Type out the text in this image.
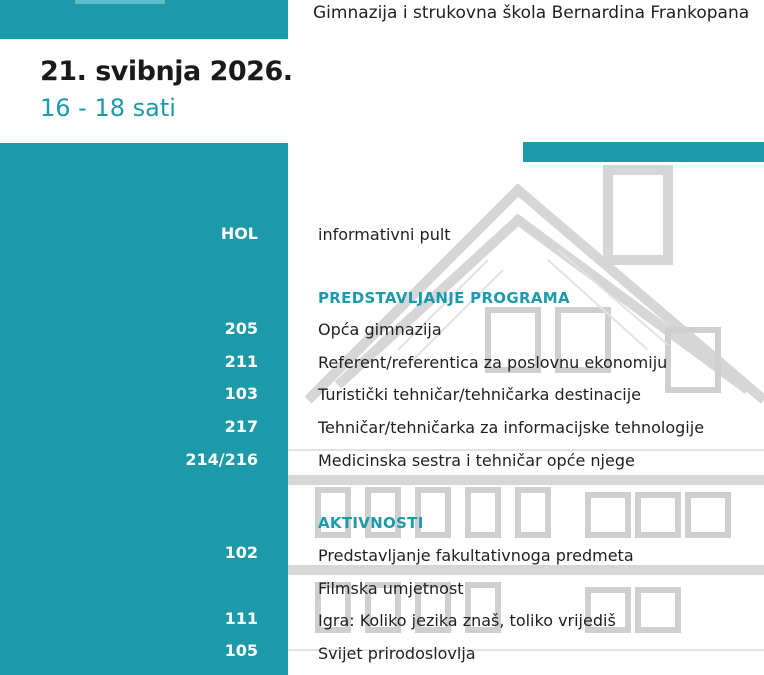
Gimnazija i strukovna škola Bernardina Frankopana
21. svibnja 2026.
16 - 18 sati
HOL	informativni pult
PREDSTAVLJANJE PROGRAMA
205	Opća gimnazija
211	Referent/referentica za poslovnu ekonomiju
103	Turistički tehničar/tehničarka destinacije
217	Tehničar/tehničarka za informacijske tehnologije
214/216	Medicinska sestra i tehničar opće njege
AKTIVNOSTI
102	Predstavljanje fakultativnoga predmeta
Filmska umjetnost
111	Igra: Koliko jezika znaš, toliko vrijediš
105	Svijet prirodoslovlja
